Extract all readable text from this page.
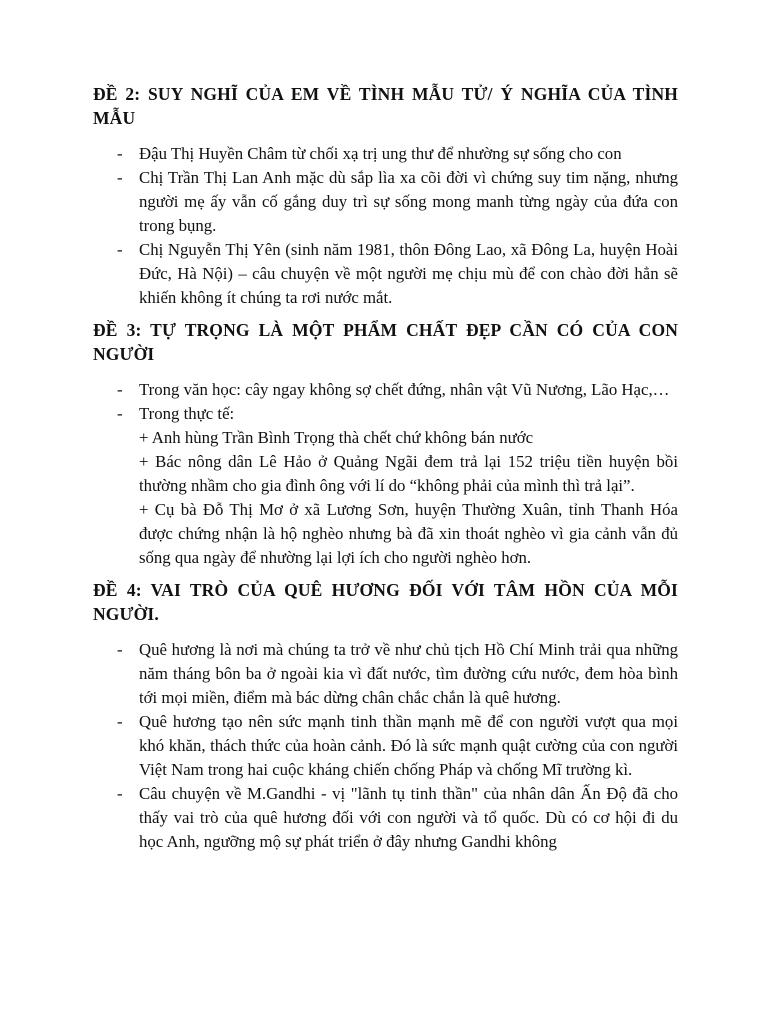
ĐỀ 2: SUY NGHĨ CỦA EM VỀ TÌNH MẪU TỬ/ Ý NGHĨA CỦA TÌNH MẪU
- Đậu Thị Huyền Châm từ chối xạ trị ung thư để nhường sự sống cho con
- Chị Trần Thị Lan Anh mặc dù sắp lìa xa cõi đời vì chứng suy tim nặng, nhưng người mẹ ấy vẫn cố gắng duy trì sự sống mong manh từng ngày của đứa con trong bụng.
- Chị Nguyễn Thị Yên (sinh năm 1981, thôn Đông Lao, xã Đông La, huyện Hoài Đức, Hà Nội) – câu chuyện về một người mẹ chịu mù để con chào đời hẳn sẽ khiến không ít chúng ta rơi nước mắt.
ĐỀ 3: TỰ TRỌNG LÀ MỘT PHẨM CHẤT ĐẸP CẦN CÓ CỦA CON NGƯỜI
- Trong văn học: cây ngay không sợ chết đứng, nhân vật Vũ Nương, Lão Hạc,…
- Trong thực tế:
+ Anh hùng Trần Bình Trọng thà chết chứ không bán nước
+ Bác nông dân Lê Hảo ở Quảng Ngãi đem trả lại 152 triệu tiền huyện bồi thường nhầm cho gia đình ông với lí do “không phải của mình thì trả lại”.
+ Cụ bà Đỗ Thị Mơ ở xã Lương Sơn, huyện Thường Xuân, tỉnh Thanh Hóa được chứng nhận là hộ nghèo nhưng bà đã xin thoát nghèo vì gia cảnh vẫn đủ sống qua ngày để nhường lại lợi ích cho người nghèo hơn.
ĐỀ 4: VAI TRÒ CỦA QUÊ HƯƠNG ĐỐI VỚI TÂM HỒN CỦA MỖI NGƯỜI.
- Quê hương là nơi mà chúng ta trở về như chủ tịch Hồ Chí Minh trải qua những năm tháng bôn ba ở ngoài kia vì đất nước, tìm đường cứu nước, đem hòa bình tới mọi miền, điểm mà bác dừng chân chắc chắn là quê hương.
- Quê hương tạo nên sức mạnh tinh thần mạnh mẽ để con người vượt qua mọi khó khăn, thách thức của hoàn cảnh. Đó là sức mạnh quật cường của con người Việt Nam trong hai cuộc kháng chiến chống Pháp và chống Mĩ trường kì.
- Câu chuyện về M.Gandhi - vị "lãnh tụ tinh thần" của nhân dân Ấn Độ đã cho thấy vai trò của quê hương đối với con người và tổ quốc. Dù có cơ hội đi du học Anh, ngưỡng mộ sự phát triển ở đây nhưng Gandhi không
